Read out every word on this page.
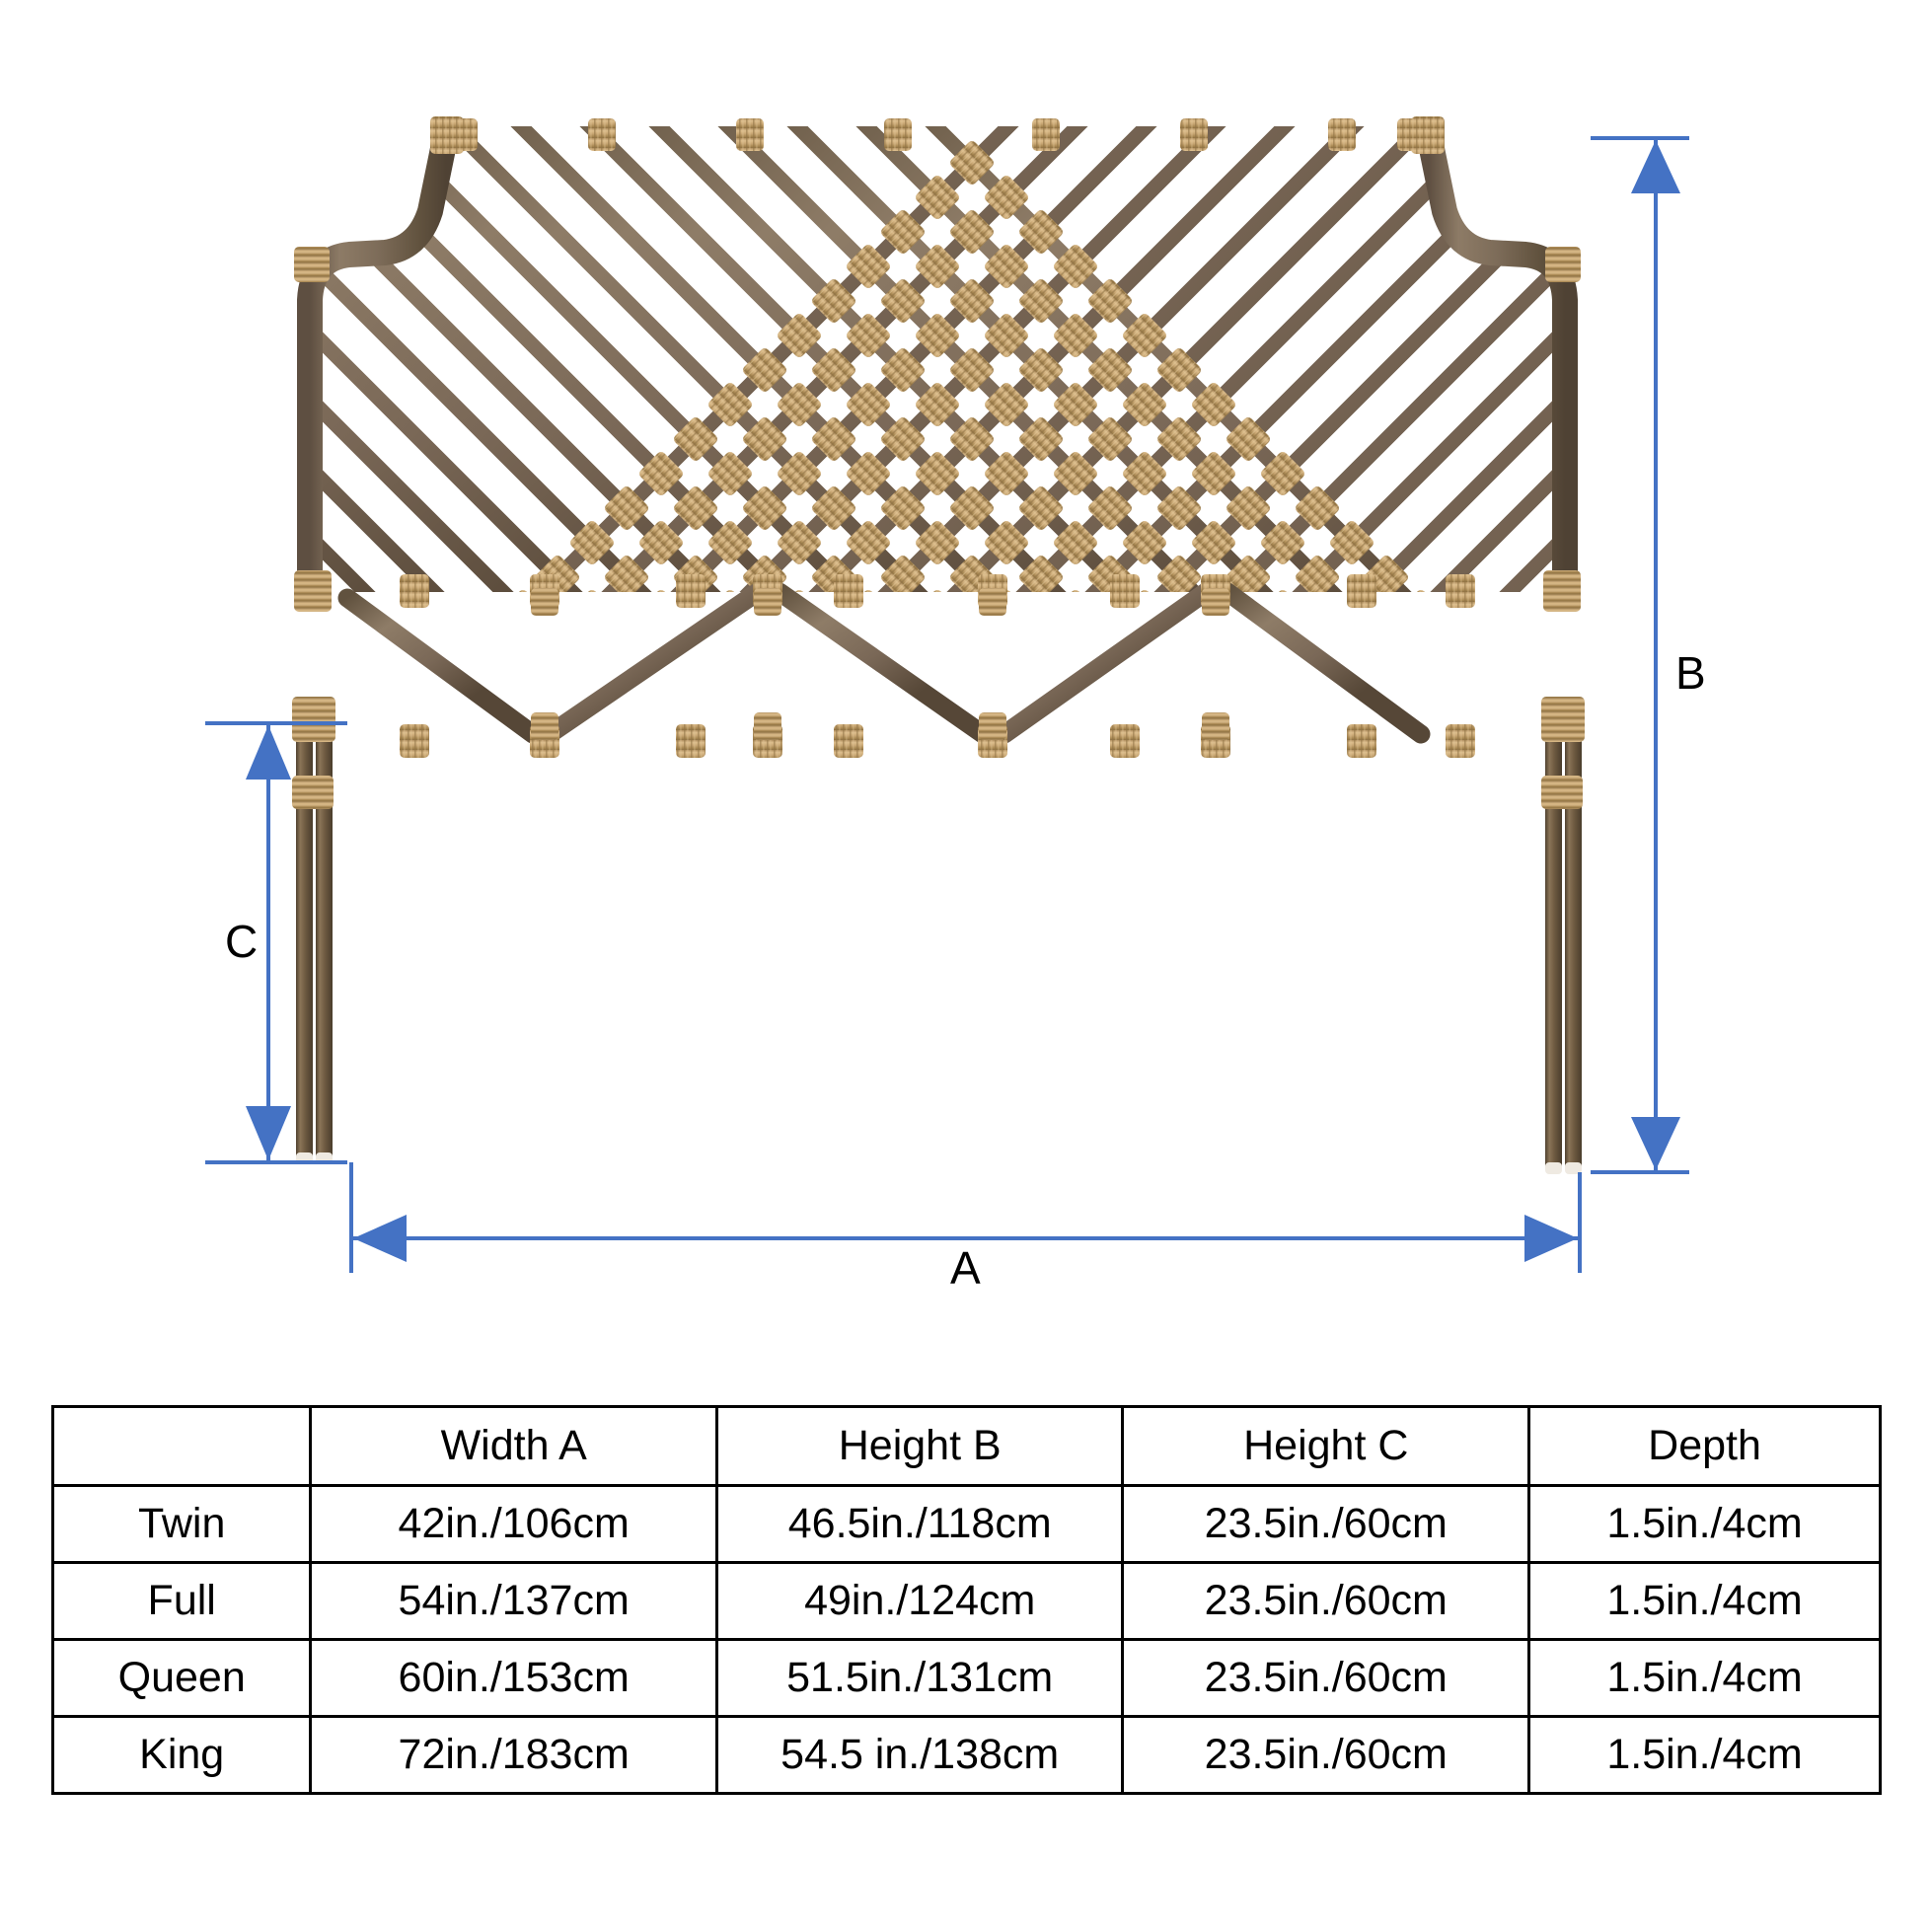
A
B
C
	Width A	Height B	Height C	Depth
Twin	42in./106cm	46.5in./118cm	23.5in./60cm	1.5in./4cm
Full	54in./137cm	49in./124cm	23.5in./60cm	1.5in./4cm
Queen	60in./153cm	51.5in./131cm	23.5in./60cm	1.5in./4cm
King	72in./183cm	54.5 in./138cm	23.5in./60cm	1.5in./4cm
